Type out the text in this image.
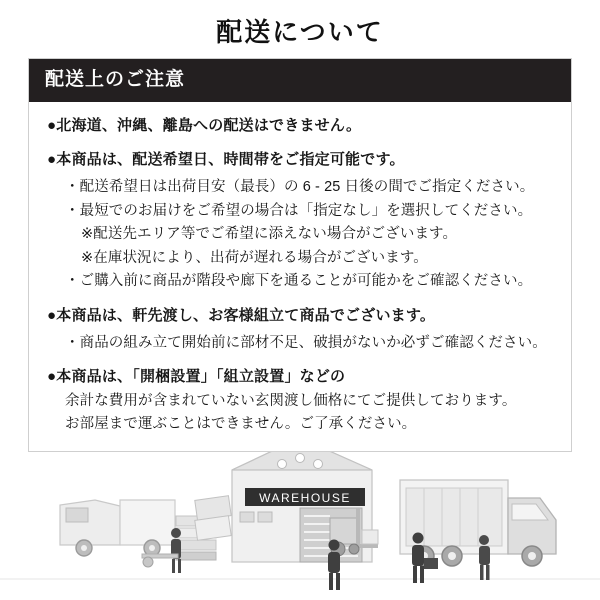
WAREHOUSE
配送について
配送上のご注意
●北海道、沖縄、離島への配送はできません。
●本商品は、配送希望日、時間帯をご指定可能です。
・配送希望日は出荷目安（最長）の 6 - 25 日後の間でご指定ください。
・最短でのお届けをご希望の場合は「指定なし」を選択してください。
※配送先エリア等でご希望に添えない場合がございます。
※在庫状況により、出荷が遅れる場合がございます。
・ご購入前に商品が階段や廊下を通ることが可能かをご確認ください。
●本商品は、軒先渡し、お客様組立て商品でございます。
・商品の組み立て開始前に部材不足、破損がないか必ずご確認ください。
●本商品は、「開梱設置」「組立設置」などの
余計な費用が含まれていない玄関渡し価格にてご提供しております。
お部屋まで運ぶことはできません。ご了承ください。
